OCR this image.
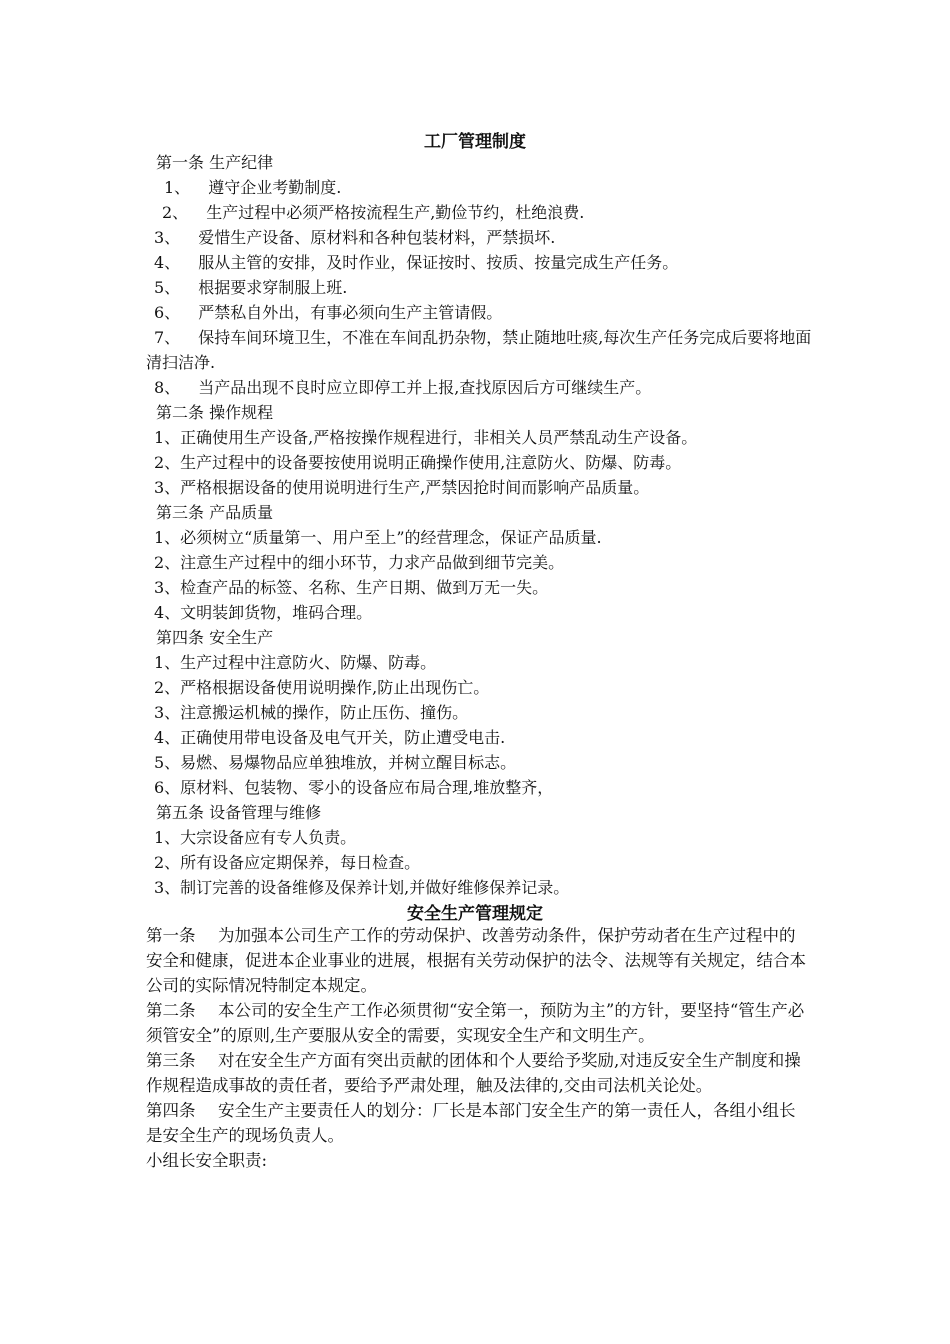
工厂管理制度

第一条 生产纪律

1、 遵守企业考勤制度.

2、 生产过程中必须严格按流程生产,勤俭节约，杜绝浪费.

3、 爱惜生产设备、原材料和各种包装材料，严禁损坏.

4、 服从主管的安排，及时作业，保证按时、按质、按量完成生产任务。

5、 根据要求穿制服上班.

6、 严禁私自外出，有事必须向生产主管请假。

7、 保持车间环境卫生，不准在车间乱扔杂物，禁止随地吐痰,每次生产任务完成后要将地面清扫洁净.

8、 当产品出现不良时应立即停工并上报,查找原因后方可继续生产。

第二条 操作规程

1、正确使用生产设备,严格按操作规程进行，非相关人员严禁乱动生产设备。

2、生产过程中的设备要按使用说明正确操作使用,注意防火、防爆、防毒。

3、严格根据设备的使用说明进行生产,严禁因抢时间而影响产品质量。

第三条 产品质量

1、必须树立“质量第一、用户至上”的经营理念，保证产品质量.

2、注意生产过程中的细小环节，力求产品做到细节完美。

3、检查产品的标签、名称、生产日期、做到万无一失。

4、文明装卸货物，堆码合理。

第四条 安全生产

1、生产过程中注意防火、防爆、防毒。

2、严格根据设备使用说明操作,防止出现伤亡。

3、注意搬运机械的操作，防止压伤、撞伤。

4、正确使用带电设备及电气开关，防止遭受电击.

5、易燃、易爆物品应单独堆放，并树立醒目标志。

6、原材料、包装物、零小的设备应布局合理,堆放整齐，

第五条 设备管理与维修

1、大宗设备应有专人负责。

2、所有设备应定期保养，每日检查。

3、制订完善的设备维修及保养计划,并做好维修保养记录。

安全生产管理规定

第一条 为加强本公司生产工作的劳动保护、改善劳动条件，保护劳动者在生产过程中的安全和健康，促进本企业事业的进展，根据有关劳动保护的法令、法规等有关规定，结合本公司的实际情况特制定本规定。

第二条 本公司的安全生产工作必须贯彻“安全第一，预防为主”的方针，要坚持“管生产必须管安全”的原则,生产要服从安全的需要，实现安全生产和文明生产。

第三条 对在安全生产方面有突出贡献的团体和个人要给予奖励,对违反安全生产制度和操作规程造成事故的责任者，要给予严肃处理，触及法律的,交由司法机关论处。

第四条 安全生产主要责任人的划分：厂长是本部门安全生产的第一责任人，各组小组长是安全生产的现场负责人。

小组长安全职责:
